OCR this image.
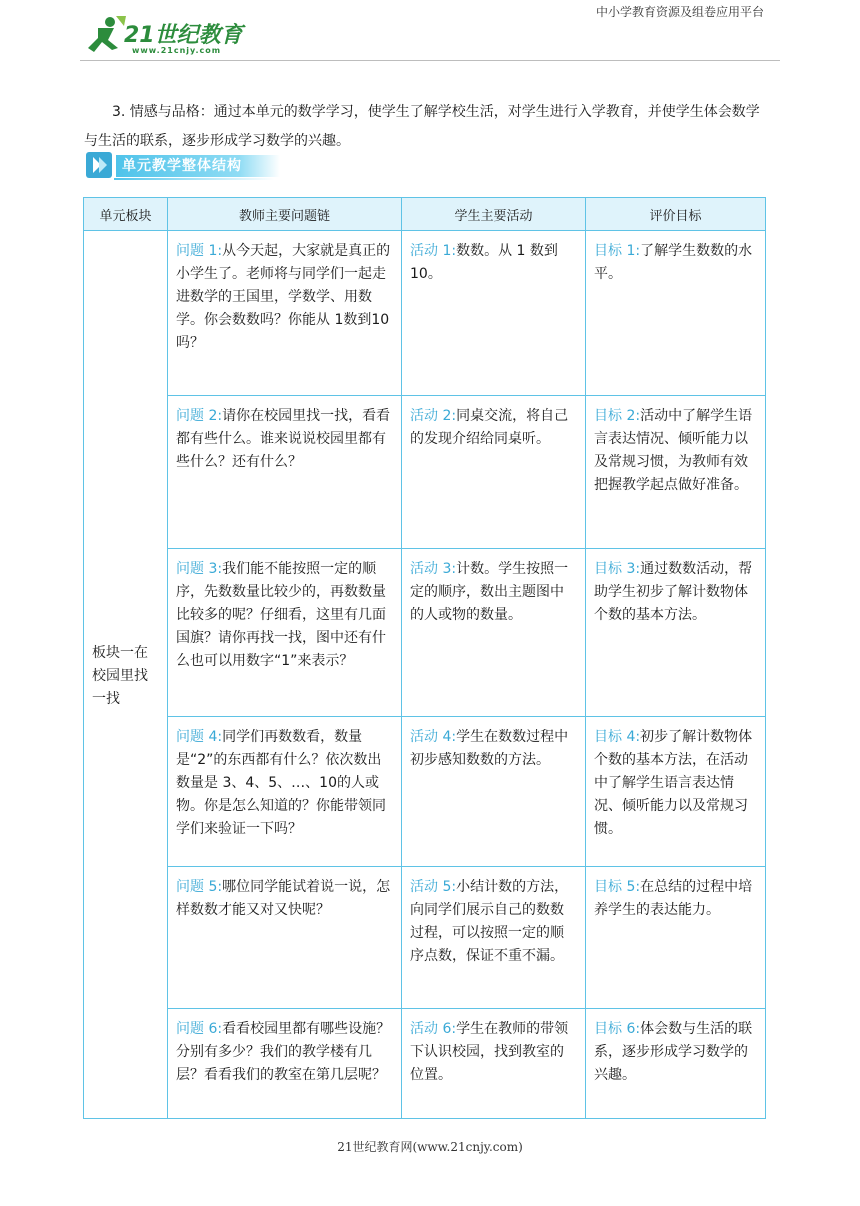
21世纪教育
www.21cnjy.com
中小学教育资源及组卷应用平台

3. 情感与品格：通过本单元的数学学习，使学生了解学校生活，对学生进行入学教育，并使学生体会数学与生活的联系，逐步形成学习数学的兴趣。

单元教学整体结构
单元板块	教师主要问题链	学生主要活动	评价目标
板块一在校园里找一找	问题 1:从今天起，大家就是真正的小学生了。老师将与同学们一起走进数学的王国里，学数学、用数学。你会数数吗？你能从 1数到10吗？	活动 1:数数。从 1 数到 10。	目标 1:了解学生数数的水平。
	问题 2:请你在校园里找一找，看看都有些什么。谁来说说校园里都有些什么？还有什么？	活动 2:同桌交流，将自己的发现介绍给同桌听。	目标 2:活动中了解学生语言表达情况、倾听能力以及常规习惯，为教师有效把握教学起点做好准备。
	问题 3:我们能不能按照一定的顺序，先数数量比较少的，再数数量比较多的呢？仔细看，这里有几面国旗？请你再找一找，图中还有什么也可以用数字“1”来表示？	活动 3:计数。学生按照一定的顺序，数出主题图中的人或物的数量。	目标 3:通过数数活动，帮助学生初步了解计数物体个数的基本方法。
	问题 4:同学们再数数看，数量是“2”的东西都有什么？依次数出数量是 3、4、5、…、10的人或物。你是怎么知道的？你能带领同学们来验证一下吗？	活动 4:学生在数数过程中初步感知数数的方法。	目标 4:初步了解计数物体个数的基本方法，在活动中了解学生语言表达情况、倾听能力以及常规习惯。
	问题 5:哪位同学能试着说一说，怎样数数才能又对又快呢？	活动 5:小结计数的方法，向同学们展示自己的数数过程，可以按照一定的顺序点数，保证不重不漏。	目标 5:在总结的过程中培养学生的表达能力。
	问题 6:看看校园里都有哪些设施？分别有多少？我们的教学楼有几层？看看我们的教室在第几层呢？	活动 6:学生在教师的带领下认识校园，找到教室的位置。	目标 6:体会数与生活的联系，逐步形成学习数学的兴趣。
21世纪教育网(www.21cnjy.com)
